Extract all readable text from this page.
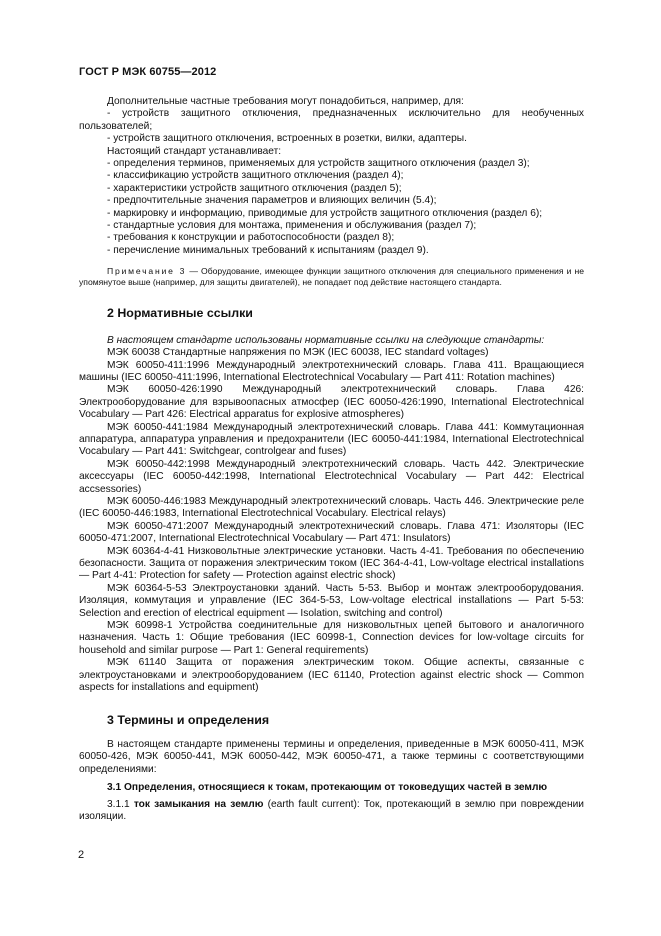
ГОСТ Р МЭК 60755—2012

Дополнительные частные требования могут понадобиться, например, для:

- устройств защитного отключения, предназначенных исключительно для необученных пользователей;

- устройств защитного отключения, встроенных в розетки, вилки, адаптеры.

Настоящий стандарт устанавливает:

- определения терминов, применяемых для устройств защитного отключения (раздел 3);

- классификацию устройств защитного отключения (раздел 4);

- характеристики устройств защитного отключения (раздел 5);

- предпочтительные значения параметров и влияющих величин (5.4);

- маркировку и информацию, приводимые для устройств защитного отключения (раздел 6);

- стандартные условия для монтажа, применения и обслуживания (раздел 7);

- требования к конструкции и работоспособности (раздел 8);

- перечисление минимальных требований к испытаниям (раздел 9).

Примечание 3 — Оборудование, имеющее функции защитного отключения для специального применения и не упомянутое выше (например, для защиты двигателей), не попадает под действие настоящего стандарта.

2 Нормативные ссылки

В настоящем стандарте использованы нормативные ссылки на следующие стандарты:

МЭК 60038 Стандартные напряжения по МЭК (IEC 60038, IEC standard voltages)

МЭК 60050-411:1996 Международный электротехнический словарь. Глава 411. Вращающиеся машины (IEC 60050-411:1996, International Electrotechnical Vocabulary — Part 411: Rotation machines)

МЭК 60050-426:1990 Международный электротехнический словарь. Глава 426: Электрооборудование для взрывоопасных атмосфер (IEC 60050-426:1990, International Electrotechnical Vocabulary — Part 426: Electrical apparatus for explosive atmospheres)

МЭК 60050-441:1984 Международный электротехнический словарь. Глава 441: Коммутационная аппаратура, аппаратура управления и предохранители (IEC 60050-441:1984, International Electrotechnical Vocabulary — Part 441: Switchgear, controlgear and fuses)

МЭК 60050-442:1998 Международный электротехнический словарь. Часть 442. Электрические аксессуары (IEC 60050-442:1998, International Electrotechnical Vocabulary — Part 442: Electrical accsessories)

МЭК 60050-446:1983 Международный электротехнический словарь. Часть 446. Электрические реле (IEC 60050-446:1983, International Electrotechnical Vocabulary. Electrical relays)

МЭК 60050-471:2007 Международный электротехнический словарь. Глава 471: Изоляторы (IEC 60050-471:2007, International Electrotechnical Vocabulary — Part 471: Insulators)

МЭК 60364-4-41 Низковольтные электрические установки. Часть 4-41. Требования по обеспечению безопасности. Защита от поражения электрическим током (IEC 364-4-41, Low-voltage electrical installations — Part 4-41: Protection for safety — Protection against electric shock)

МЭК 60364-5-53 Электроустановки зданий. Часть 5-53. Выбор и монтаж электрооборудования. Изоляция, коммутация и управление (IEC 364-5-53, Low-voltage electrical installations — Part 5-53: Selection and erection of electrical equipment — Isolation, switching and control)

МЭК 60998-1 Устройства соединительные для низковольтных цепей бытового и аналогичного назначения. Часть 1: Общие требования (IEC 60998-1, Connection devices for low-voltage circuits for household and similar purpose — Part 1: General requirements)

МЭК 61140 Защита от поражения электрическим током. Общие аспекты, связанные с электроустановками и электрооборудованием (IEC 61140, Protection against electric shock — Common aspects for installations and equipment)

3 Термины и определения

В настоящем стандарте применены термины и определения, приведенные в МЭК 60050-411, МЭК 60050-426, МЭК 60050-441, МЭК 60050-442, МЭК 60050-471, а также термины с соответствующими определениями:

3.1 Определения, относящиеся к токам, протекающим от токоведущих частей в землю

3.1.1 ток замыкания на землю (earth fault current): Ток, протекающий в землю при повреждении изоляции.

2
